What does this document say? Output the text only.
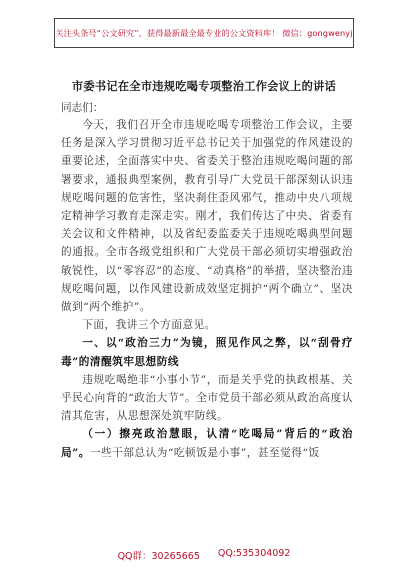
关注头条号“公文研究”，获得最新最全最专业的公文资料库！ 微信：gongwenyj
市委书记在全市违规吃喝专项整治工作会议上的讲话
同志们：

今天，我们召开全市违规吃喝专项整治工作会议，主要任务是深入学习贯彻习近平总书记关于加强党的作风建设的重要论述，全面落实中央、省委关于整治违规吃喝问题的部署要求，通报典型案例，教育引导广大党员干部深刻认识违规吃喝问题的危害性，坚决刹住歪风邪气，推动中央八项规定精神学习教育走深走实。刚才，我们传达了中央、省委有关会议和文件精神，以及省纪委监委关于违规吃喝典型问题的通报。全市各级党组织和广大党员干部必须切实增强政治敏锐性，以“零容忍”的态度、“动真格”的举措，坚决整治违规吃喝问题，以作风建设新成效坚定拥护“两个确立”、坚决做到“两个维护”。

下面，我讲三个方面意见。

一、以“政治三力”为镜，照见作风之弊，以“刮骨疗毒”的清醒筑牢思想防线

违规吃喝绝非“小事小节”，而是关乎党的执政根基、关乎民心向背的“政治大节”。全市党员干部必须从政治高度认清其危害，从思想深处筑牢防线。

（一）擦亮政治慧眼，认清“吃喝局”背后的“政治局”。一些干部总认为“吃顿饭是小事”，甚至觉得“饭

QQ群：30265665 QQ:535304092
